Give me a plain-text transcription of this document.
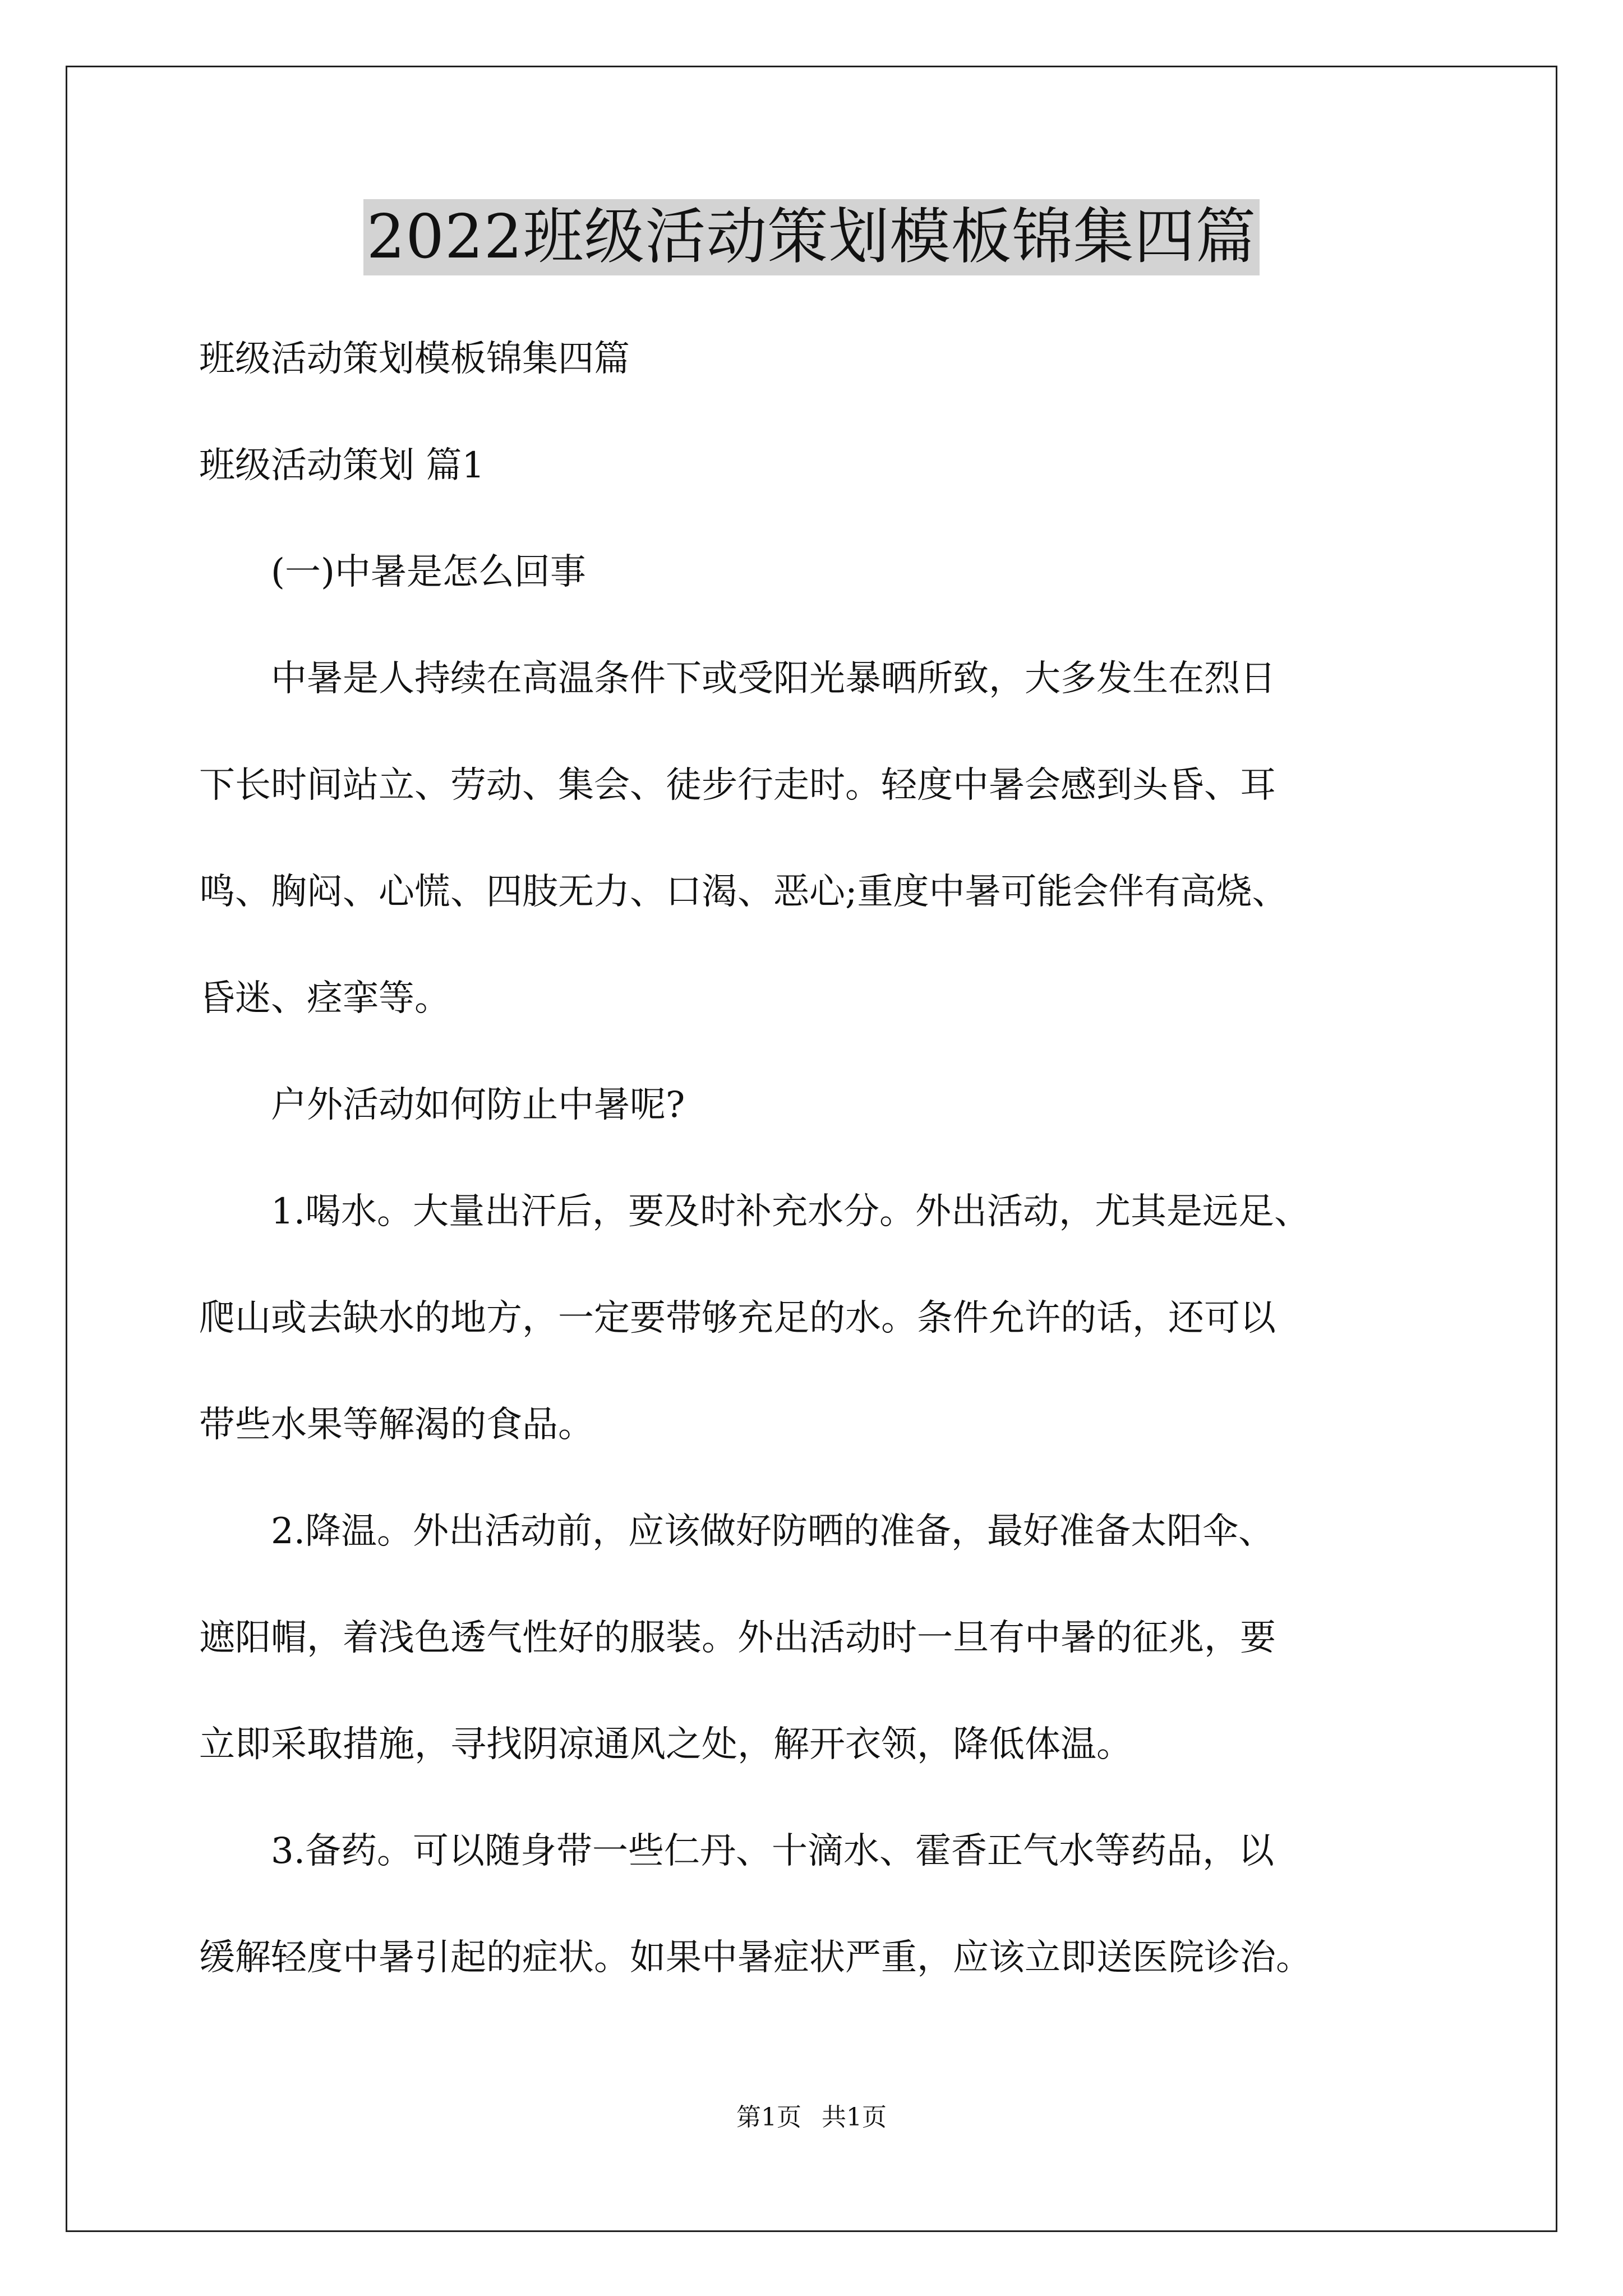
2022班级活动策划模板锦集四篇

班级活动策划模板锦集四篇

班级活动策划 篇1

　　(一)中暑是怎么回事

　　中暑是人持续在高温条件下或受阳光暴晒所致，大多发生在烈日

下长时间站立、劳动、集会、徒步行走时。轻度中暑会感到头昏、耳

鸣、胸闷、心慌、四肢无力、口渴、恶心;重度中暑可能会伴有高烧、

昏迷、痉挛等。

　　户外活动如何防止中暑呢?

　　1.喝水。大量出汗后，要及时补充水分。外出活动，尤其是远足、

爬山或去缺水的地方，一定要带够充足的水。条件允许的话，还可以

带些水果等解渴的食品。

　　2.降温。外出活动前，应该做好防晒的准备，最好准备太阳伞、

遮阳帽，着浅色透气性好的服装。外出活动时一旦有中暑的征兆，要

立即采取措施，寻找阴凉通风之处，解开衣领，降低体温。

　　3.备药。可以随身带一些仁丹、十滴水、霍香正气水等药品，以

缓解轻度中暑引起的症状。如果中暑症状严重，应该立即送医院诊治。

第1页 共1页
